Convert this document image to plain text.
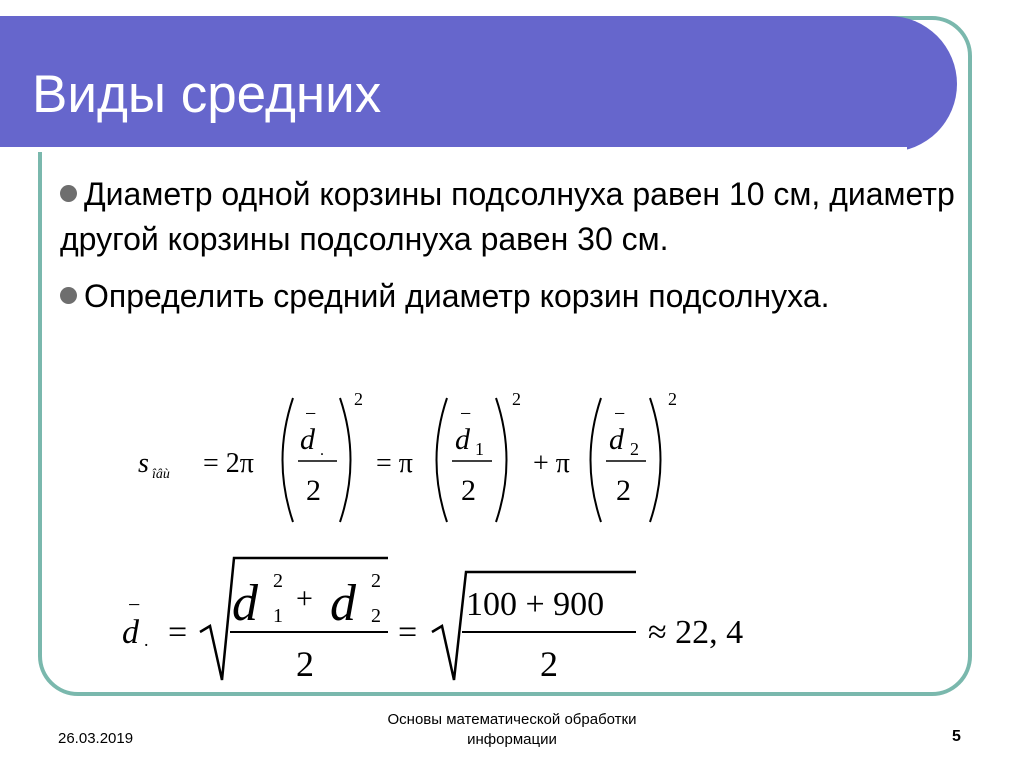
Виды средних
Диаметр одной корзины подсолнуха равен 10 см, диаметр другой корзины подсолнуха равен 30 см.
Определить средний диаметр корзин подсолнуха.
s îâù = 2π
−
d .
2
2
= π
−
d 1
2
2
+ π
−
d 2
2
2
−
d . =
d 2
1
+ d 2
2
2
=
100 + 900
2
≈ 22, 4
26.03.2019
Основы математической обработки информации	5
